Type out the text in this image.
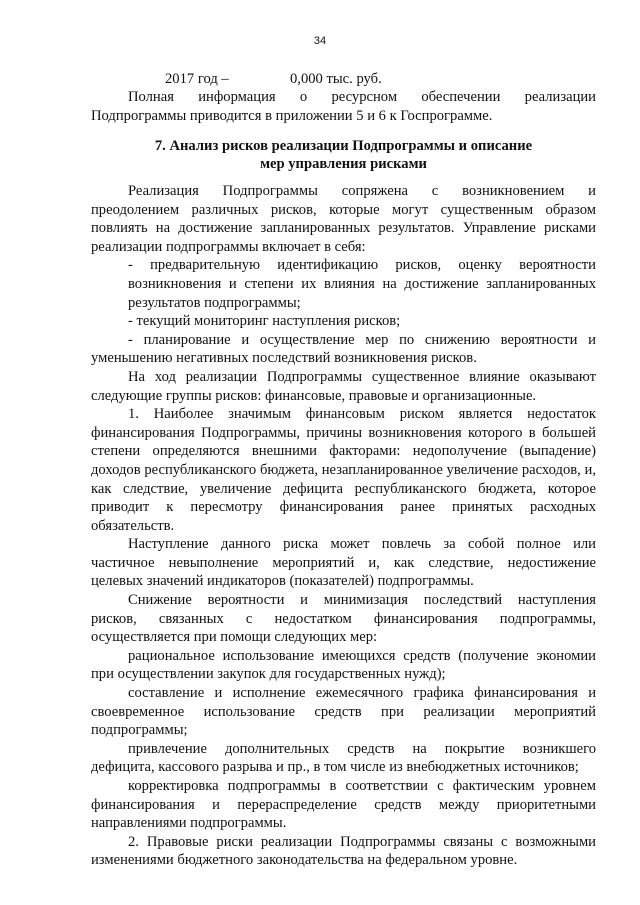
34
2017 год –	0,000 тыс. руб.
Полная информация о ресурсном обеспечении реализации
Подпрограммы приводится в приложении 5 и 6 к Госпрограмме.
7. Анализ рисков реализации Подпрограммы и описание
мер управления рисками
Реализация Подпрограммы сопряжена с возникновением и
преодолением различных рисков, которые могут существенным образом
повлиять на достижение запланированных результатов. Управление рисками
реализации подпрограммы включает в себя:
- предварительную идентификацию рисков, оценку вероятности
возникновения и степени их влияния на достижение запланированных
результатов подпрограммы;
- текущий мониторинг наступления рисков;
- планирование и осуществление мер по снижению вероятности и
уменьшению негативных последствий возникновения рисков.
На ход реализации Подпрограммы существенное влияние оказывают
следующие группы рисков: финансовые, правовые и организационные.
1. Наиболее значимым финансовым риском является недостаток
финансирования Подпрограммы, причины возникновения которого в большей
степени определяются внешними факторами: недополучение (выпадение)
доходов республиканского бюджета, незапланированное увеличение расходов, и,
как следствие, увеличение дефицита республиканского бюджета, которое
приводит к пересмотру финансирования ранее принятых расходных
обязательств.
Наступление данного риска может повлечь за собой полное или
частичное невыполнение мероприятий и, как следствие, недостижение
целевых значений индикаторов (показателей) подпрограммы.
Снижение вероятности и минимизация последствий наступления
рисков, связанных с недостатком финансирования подпрограммы,
осуществляется при помощи следующих мер:
рациональное использование имеющихся средств (получение экономии
при осуществлении закупок для государственных нужд);
составление и исполнение ежемесячного графика финансирования и
своевременное использование средств при реализации мероприятий
подпрограммы;
привлечение дополнительных средств на покрытие возникшего
дефицита, кассового разрыва и пр., в том числе из внебюджетных источников;
корректировка подпрограммы в соответствии с фактическим уровнем
финансирования и перераспределение средств между приоритетными
направлениями подпрограммы.
2. Правовые риски реализации Подпрограммы связаны с возможными
изменениями бюджетного законодательства на федеральном уровне.
